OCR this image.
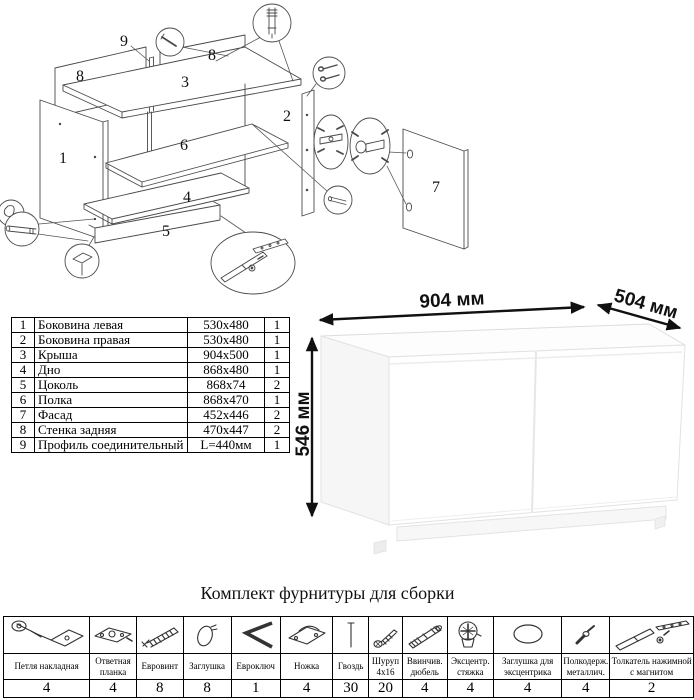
9
8
8
3
2
1
6
4
5
7
904 мм	504 мм
546 мм
1	Боковина левая	530x480	1
2	Боковина правая	530x480	1
3	Крыша	904x500	1
4	Дно	868x480	1
5	Цоколь	868x74	2
6	Полка	868x470	1
7	Фасад	452x446	2
8	Стенка задняя	470x447	2
9	Профиль соединительный	L=440мм	1
Комплект фурнитуры для сборки

Петля накладная	Ответная планка	Евровинт	Заглушка	Евроключ	Ножка	Гвоздь	Шуруп 4x16	Ввинчив. дюбель	Эксцентр. стяжка	Заглушка для эксцентрика	Полкодерж. металлич.	Толкатель нажимной с магнитом
4	4	8	8	1	4	30	20	4	4	4	4	2
